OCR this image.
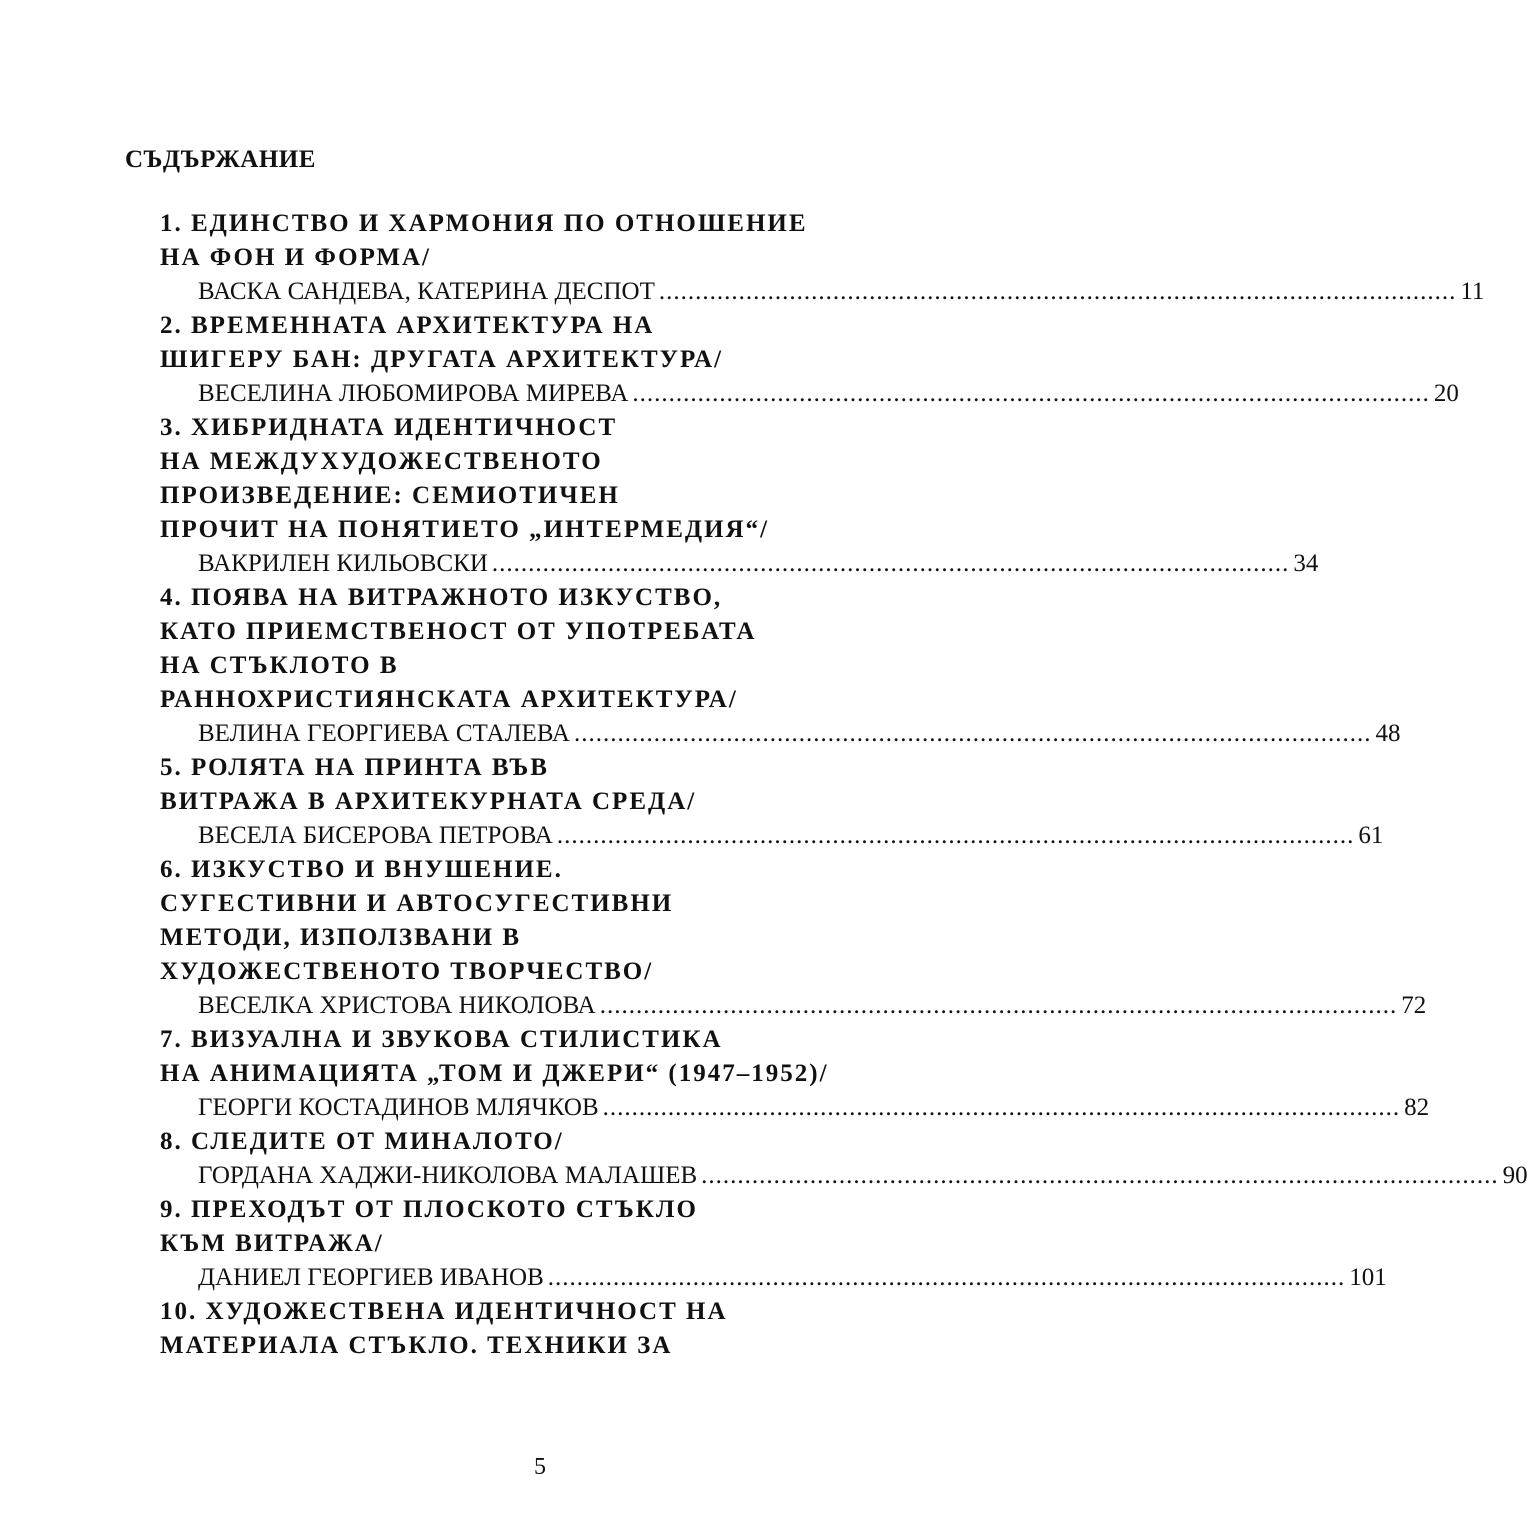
СЪДЪРЖАНИЕ
1. ЕДИНСТВО И ХАРМОНИЯ ПО ОТНОШЕНИЕ
НА ФОН И ФОРМА/
ВАСКА САНДЕВА, КАТЕРИНА ДЕСПОТ .............................................................................................................. 11
2. ВРЕМЕННАТА АРХИТЕКТУРА НА
ШИГЕРУ БАН: ДРУГАТА АРХИТЕКТУРА/
ВЕСЕЛИНА ЛЮБОМИРОВА МИРЕВА .............................................................................................................. 20
3. ХИБРИДНАТА ИДЕНТИЧНОСТ
НА МЕЖДУХУДОЖЕСТВЕНОТО
ПРОИЗВЕДЕНИЕ: СЕМИОТИЧЕН
ПРОЧИТ НА ПОНЯТИЕТО „ИНТЕРМЕДИЯ“/
ВАКРИЛЕН КИЛЬОВСКИ .............................................................................................................. 34
4. ПОЯВА НА ВИТРАЖНОТО ИЗКУСТВО,
КАТО ПРИЕМСТВЕНОСТ ОТ УПОТРЕБАТА
НА СТЪКЛОТО В
РАННОХРИСТИЯНСКАТА АРХИТЕКТУРА/
ВЕЛИНА ГЕОРГИЕВА СТАЛЕВА .............................................................................................................. 48
5. РОЛЯТА НА ПРИНТА ВЪВ
ВИТРАЖА В АРХИТЕКУРНАТА СРЕДА/
ВЕСЕЛА БИСЕРОВА ПЕТРОВА .............................................................................................................. 61
6. ИЗКУСТВО И ВНУШЕНИЕ.
СУГЕСТИВНИ И АВТОСУГЕСТИВНИ
МЕТОДИ, ИЗПОЛЗВАНИ В
ХУДОЖЕСТВЕНОТО ТВОРЧЕСТВО/
ВЕСЕЛКА ХРИСТОВА НИКОЛОВА .............................................................................................................. 72
7. ВИЗУАЛНА И ЗВУКОВА СТИЛИСТИКА
НА АНИМАЦИЯТА „ТОМ И ДЖЕРИ“ (1947–1952)/
ГЕОРГИ КОСТАДИНОВ МЛЯЧКОВ .............................................................................................................. 82
8. СЛЕДИТЕ ОТ МИНАЛОТО/
ГОРДАНА ХАДЖИ-НИКОЛОВА МАЛАШЕВ .............................................................................................................. 90
9. ПРЕХОДЪТ ОТ ПЛОСКОТО СТЪКЛО
КЪМ ВИТРАЖА/
ДАНИЕЛ ГЕОРГИЕВ ИВАНОВ .............................................................................................................. 101
10. ХУДОЖЕСТВЕНА ИДЕНТИЧНОСТ НА
МАТЕРИАЛА СТЪКЛО. ТЕХНИКИ ЗА
5
